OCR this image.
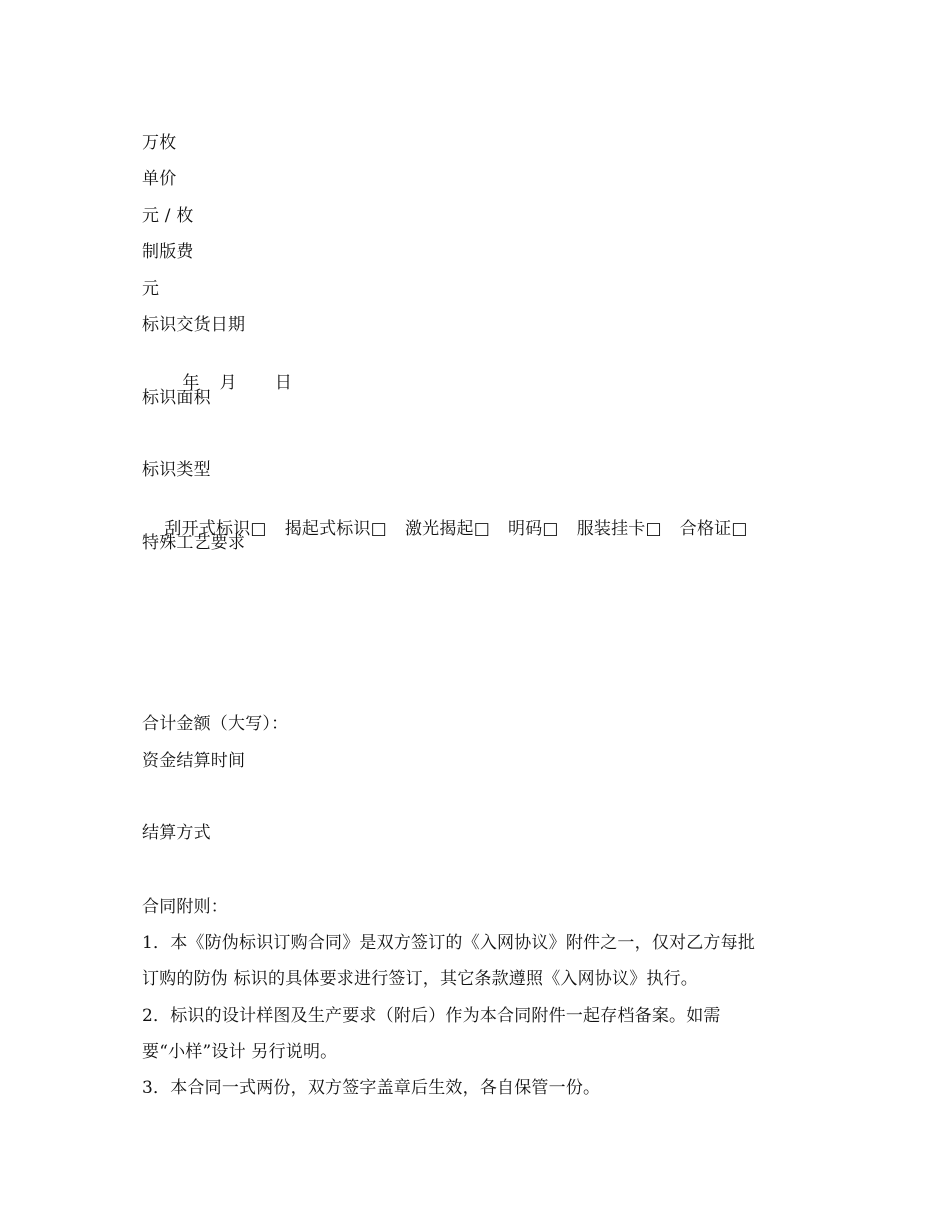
万枚
单价
元 / 枚
制版费
元
标识交货日期

年 月 日

标识面积
标识类型

刮开式标识□ 揭起式标识□ 激光揭起□ 明码□ 服装挂卡□ 合格证□

特殊工艺要求
合计金额（大写）：
资金结算时间
结算方式
合同附则：
1．本《防伪标识订购合同》是双方签订的《入网协议》附件之一，仅对乙方每批
订购的防伪 标识的具体要求进行签订，其它条款遵照《入网协议》执行。
2．标识的设计样图及生产要求（附后）作为本合同附件一起存档备案。如需
要“小样”设计 另行说明。
3．本合同一式两份，双方签字盖章后生效，各自保管一份。
